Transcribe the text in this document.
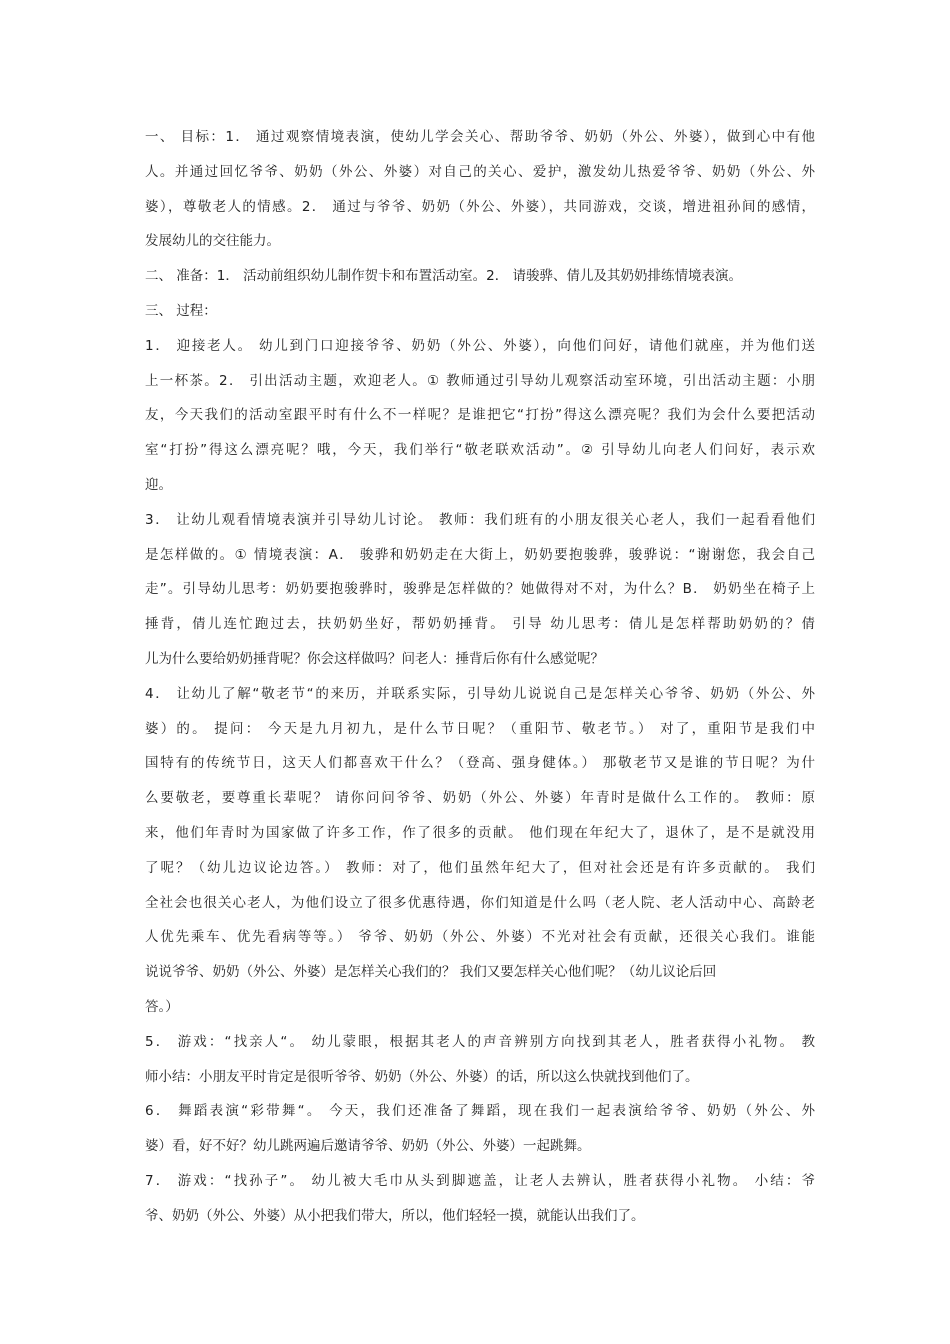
一、 目标：1． 通过观察情境表演，使幼儿学会关心、帮助爷爷、奶奶（外公、外婆），做到心中有他
人。并通过回忆爷爷、奶奶（外公、外婆）对自己的关心、爱护，激发幼儿热爱爷爷、奶奶（外公、外
婆），尊敬老人的情感。2． 通过与爷爷、奶奶（外公、外婆），共同游戏，交谈，增进祖孙间的感情，
发展幼儿的交往能力。
二、 准备：1． 活动前组织幼儿制作贺卡和布置活动室。2． 请骏骅、倩儿及其奶奶排练情境表演。
三、 过程：
1． 迎接老人。 幼儿到门口迎接爷爷、奶奶（外公、外婆），向他们问好，请他们就座，并为他们送
上一杯茶。2． 引出活动主题，欢迎老人。① 教师通过引导幼儿观察活动室环境，引出活动主题：小朋
友，今天我们的活动室跟平时有什么不一样呢？是谁把它“打扮”得这么漂亮呢？我们为会什么要把活动
室“打扮”得这么漂亮呢？哦，今天，我们举行“敬老联欢活动”。② 引导幼儿向老人们问好，表示欢
迎。
3． 让幼儿观看情境表演并引导幼儿讨论。 教师：我们班有的小朋友很关心老人，我们一起看看他们
是怎样做的。① 情境表演：A． 骏骅和奶奶走在大街上，奶奶要抱骏骅，骏骅说：“谢谢您，我会自己
走”。引导幼儿思考：奶奶要抱骏骅时，骏骅是怎样做的？她做得对不对，为什么？B． 奶奶坐在椅子上
捶背，倩儿连忙跑过去，扶奶奶坐好，帮奶奶捶背。 引导 幼儿思考：倩儿是怎样帮助奶奶的？倩
儿为什么要给奶奶捶背呢？你会这样做吗？问老人：捶背后你有什么感觉呢？
4． 让幼儿了解“敬老节“的来历，并联系实际，引导幼儿说说自己是怎样关心爷爷、奶奶（外公、外
婆）的。 提问： 今天是九月初九，是什么节日呢？（重阳节、敬老节。） 对了，重阳节是我们中
国特有的传统节日，这天人们都喜欢干什么？（登高、强身健体。） 那敬老节又是谁的节日呢？为什
么要敬老，要尊重长辈呢？ 请你问问爷爷、奶奶（外公、外婆）年青时是做什么工作的。 教师：原
来，他们年青时为国家做了许多工作，作了很多的贡献。 他们现在年纪大了，退休了，是不是就没用
了呢？（幼儿边议论边答。） 教师：对了，他们虽然年纪大了，但对社会还是有许多贡献的。 我们
全社会也很关心老人，为他们设立了很多优惠待遇，你们知道是什么吗（老人院、老人活动中心、高龄老
人优先乘车、优先看病等等。） 爷爷、奶奶（外公、外婆）不光对社会有贡献，还很关心我们。谁能
说说爷爷、奶奶（外公、外婆）是怎样关心我们的？ 我们又要怎样关心他们呢？（幼儿议论后回
答。）
5． 游戏：“找亲人“。 幼儿蒙眼，根据其老人的声音辨别方向找到其老人，胜者获得小礼物。 教
师小结：小朋友平时肯定是很听爷爷、奶奶（外公、外婆）的话，所以这么快就找到他们了。
6． 舞蹈表演“彩带舞“。 今天，我们还准备了舞蹈，现在我们一起表演给爷爷、奶奶（外公、外
婆）看，好不好？幼儿跳两遍后邀请爷爷、奶奶（外公、外婆）一起跳舞。
7． 游戏：“找孙子”。 幼儿被大毛巾从头到脚遮盖，让老人去辨认，胜者获得小礼物。 小结：爷
爷、奶奶（外公、外婆）从小把我们带大，所以，他们轻轻一摸，就能认出我们了。
